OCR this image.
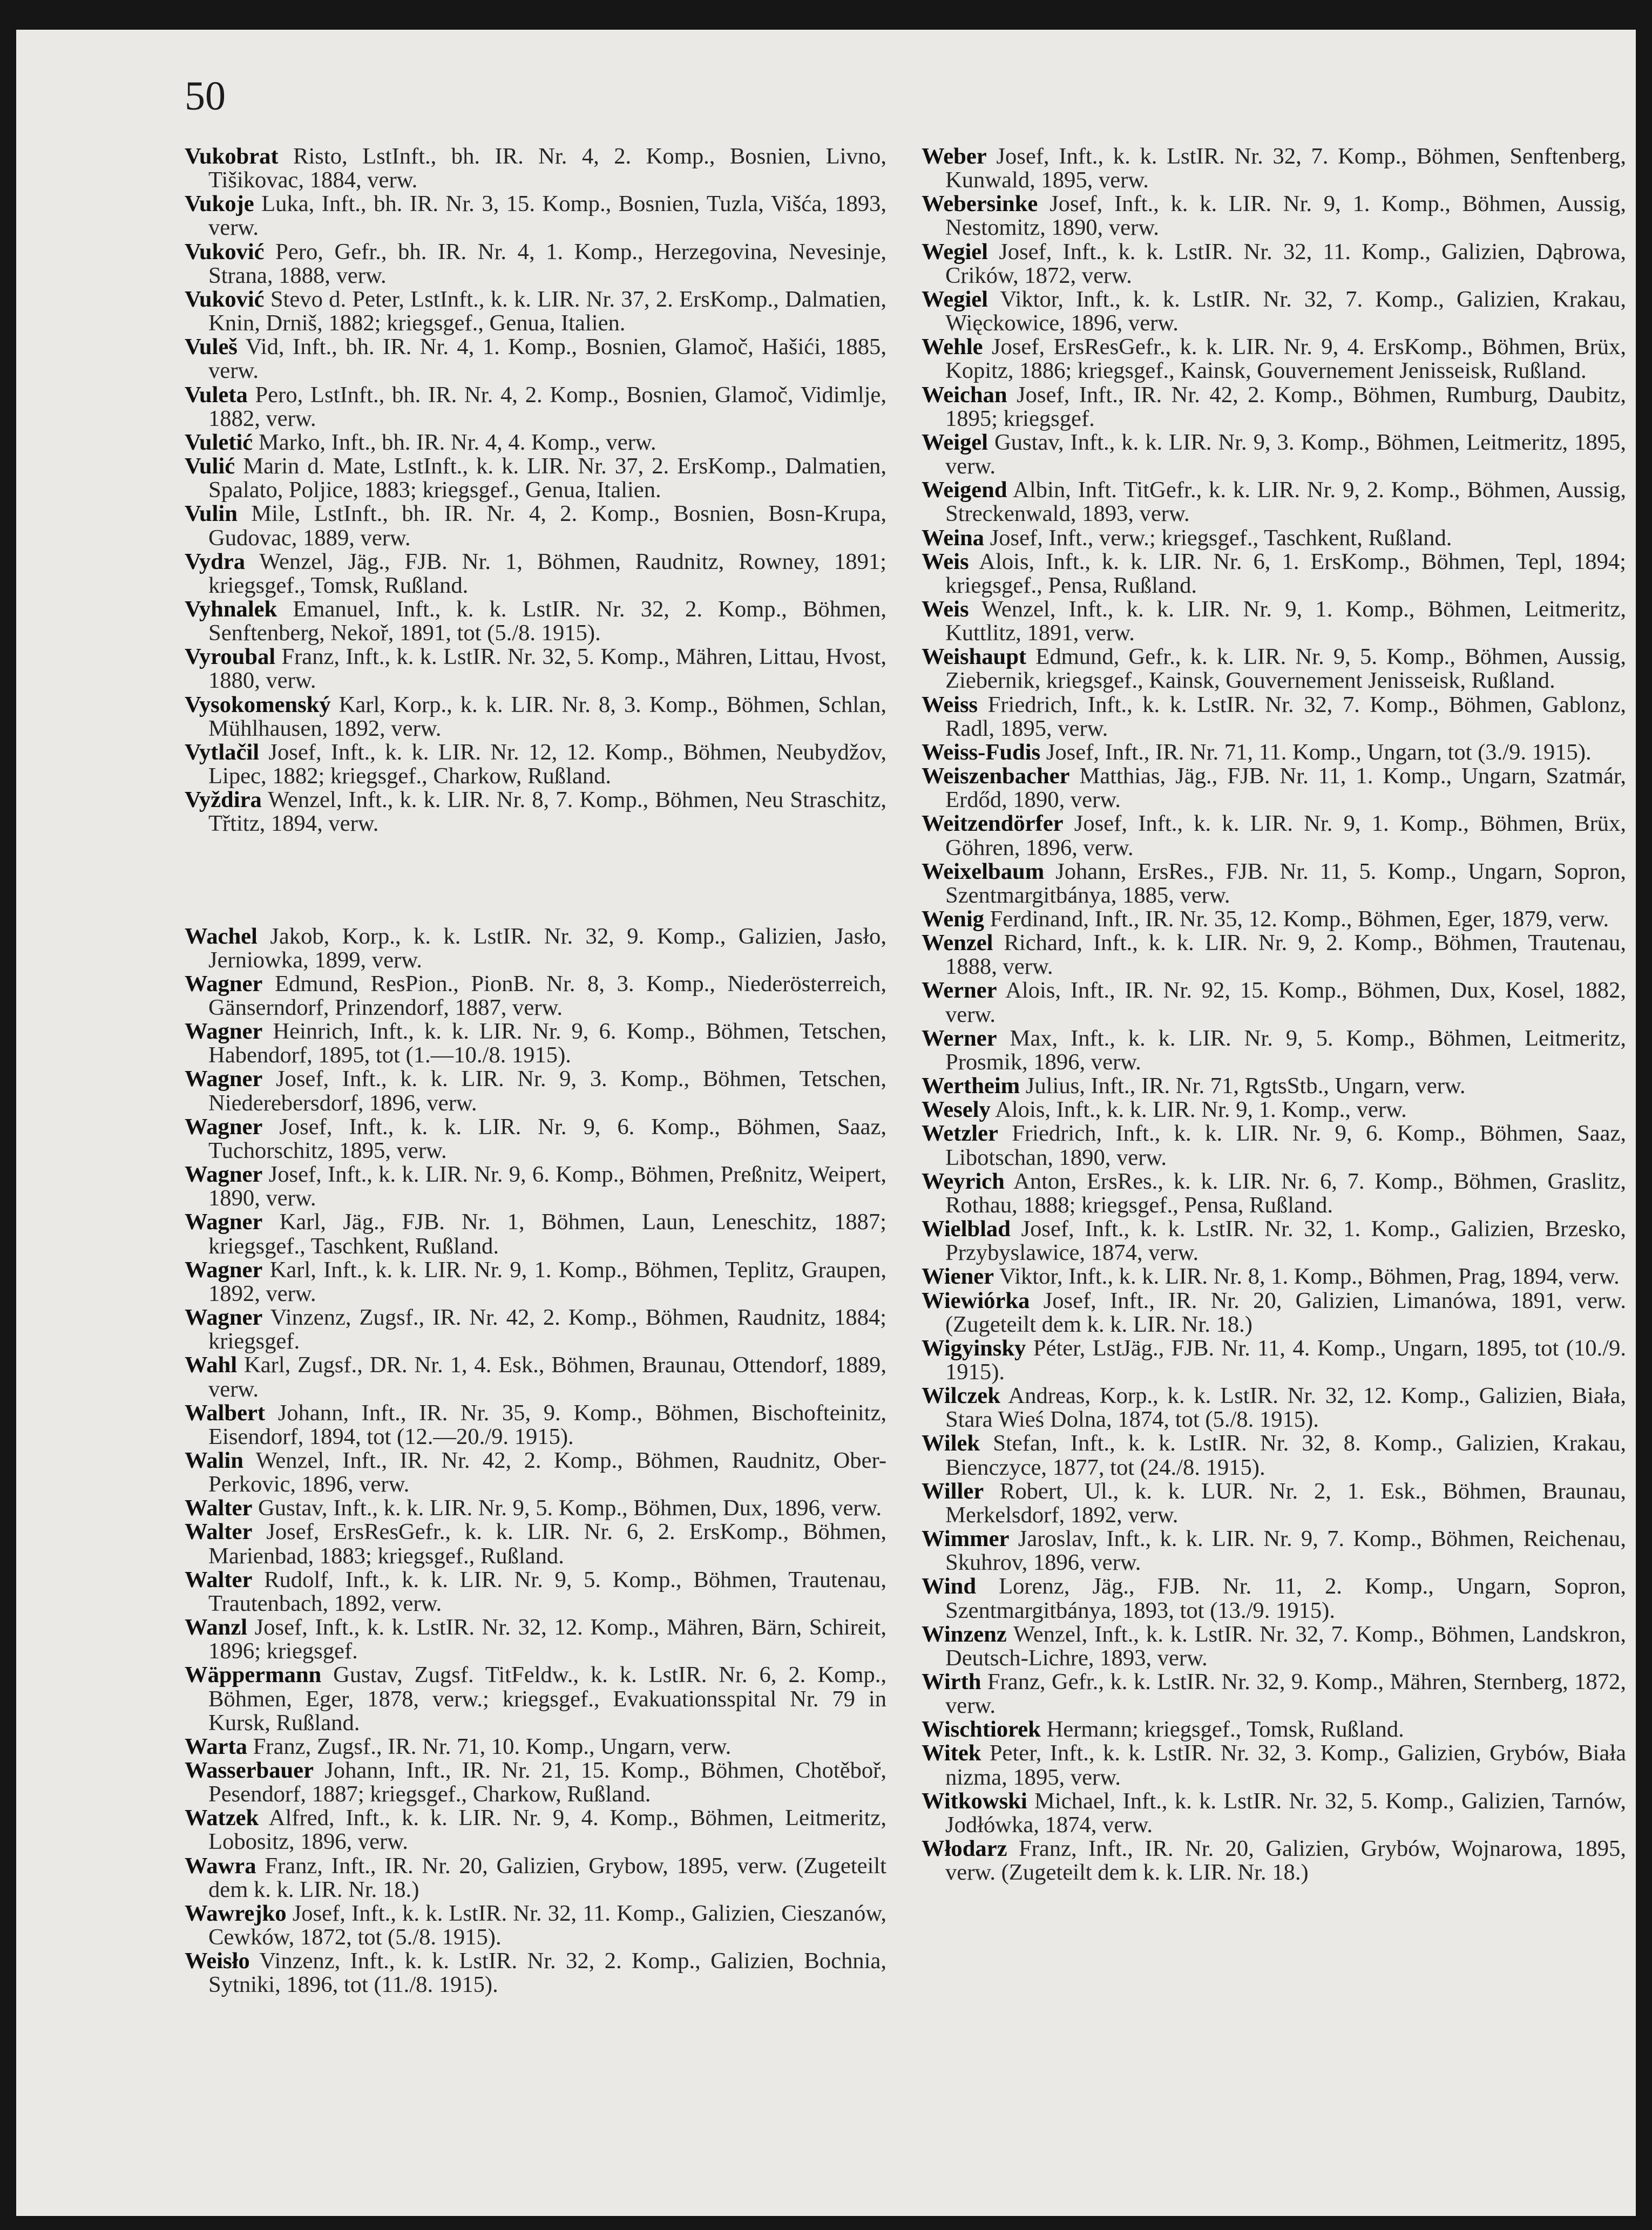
50

Vukobrat Risto, LstInft., bh. IR. Nr. 4, 2. Komp., Bosnien, Livno, Tišikovac, 1884, verw.

Vukoje Luka, Inft., bh. IR. Nr. 3, 15. Komp., Bosnien, Tuzla, Višća, 1893, verw.

Vuković Pero, Gefr., bh. IR. Nr. 4, 1. Komp., Herzegovina, Nevesinje, Strana, 1888, verw.

Vuković Stevo d. Peter, LstInft., k. k. LIR. Nr. 37, 2. ErsKomp., Dalmatien, Knin, Drniš, 1882; kriegsgef., Genua, Italien.

Vuleš Vid, Inft., bh. IR. Nr. 4, 1. Komp., Bosnien, Glamoč, Hašići, 1885, verw.

Vuleta Pero, LstInft., bh. IR. Nr. 4, 2. Komp., Bosnien, Glamoč, Vidimlje, 1882, verw.

Vuletić Marko, Inft., bh. IR. Nr. 4, 4. Komp., verw.

Vulić Marin d. Mate, LstInft., k. k. LIR. Nr. 37, 2. ErsKomp., Dalmatien, Spalato, Poljice, 1883; kriegsgef., Genua, Italien.

Vulin Mile, LstInft., bh. IR. Nr. 4, 2. Komp., Bosnien, Bosn-Krupa, Gudovac, 1889, verw.

Vydra Wenzel, Jäg., FJB. Nr. 1, Böhmen, Raudnitz, Rowney, 1891; kriegsgef., Tomsk, Rußland.

Vyhnalek Emanuel, Inft., k. k. LstIR. Nr. 32, 2. Komp., Böhmen, Senftenberg, Nekoř, 1891, tot (5./8. 1915).

Vyroubal Franz, Inft., k. k. LstIR. Nr. 32, 5. Komp., Mähren, Littau, Hvost, 1880, verw.

Vysokomenský Karl, Korp., k. k. LIR. Nr. 8, 3. Komp., Böhmen, Schlan, Mühlhausen, 1892, verw.

Vytlačil Josef, Inft., k. k. LIR. Nr. 12, 12. Komp., Böhmen, Neubydžov, Lipec, 1882; kriegsgef., Charkow, Rußland.

Vyždira Wenzel, Inft., k. k. LIR. Nr. 8, 7. Komp., Böhmen, Neu Straschitz, Třtitz, 1894, verw.

Wachel Jakob, Korp., k. k. LstIR. Nr. 32, 9. Komp., Galizien, Jasło, Jerniowka, 1899, verw.

Wagner Edmund, ResPion., PionB. Nr. 8, 3. Komp., Niederösterreich, Gänserndorf, Prinzendorf, 1887, verw.

Wagner Heinrich, Inft., k. k. LIR. Nr. 9, 6. Komp., Böhmen, Tetschen, Habendorf, 1895, tot (1.—10./8. 1915).

Wagner Josef, Inft., k. k. LIR. Nr. 9, 3. Komp., Böhmen, Tetschen, Niederebersdorf, 1896, verw.

Wagner Josef, Inft., k. k. LIR. Nr. 9, 6. Komp., Böhmen, Saaz, Tuchorschitz, 1895, verw.

Wagner Josef, Inft., k. k. LIR. Nr. 9, 6. Komp., Böhmen, Preßnitz, Weipert, 1890, verw.

Wagner Karl, Jäg., FJB. Nr. 1, Böhmen, Laun, Leneschitz, 1887; kriegsgef., Taschkent, Rußland.

Wagner Karl, Inft., k. k. LIR. Nr. 9, 1. Komp., Böhmen, Teplitz, Graupen, 1892, verw.

Wagner Vinzenz, Zugsf., IR. Nr. 42, 2. Komp., Böhmen, Raudnitz, 1884; kriegsgef.

Wahl Karl, Zugsf., DR. Nr. 1, 4. Esk., Böhmen, Braunau, Ottendorf, 1889, verw.

Walbert Johann, Inft., IR. Nr. 35, 9. Komp., Böhmen, Bischofteinitz, Eisendorf, 1894, tot (12.—20./9. 1915).

Walin Wenzel, Inft., IR. Nr. 42, 2. Komp., Böhmen, Raudnitz, Ober-Perkovic, 1896, verw.

Walter Gustav, Inft., k. k. LIR. Nr. 9, 5. Komp., Böhmen, Dux, 1896, verw.

Walter Josef, ErsResGefr., k. k. LIR. Nr. 6, 2. ErsKomp., Böhmen, Marienbad, 1883; kriegsgef., Rußland.

Walter Rudolf, Inft., k. k. LIR. Nr. 9, 5. Komp., Böhmen, Trautenau, Trautenbach, 1892, verw.

Wanzl Josef, Inft., k. k. LstIR. Nr. 32, 12. Komp., Mähren, Bärn, Schireit, 1896; kriegsgef.

Wäppermann Gustav, Zugsf. TitFeldw., k. k. LstIR. Nr. 6, 2. Komp., Böhmen, Eger, 1878, verw.; kriegsgef., Evakuationsspital Nr. 79 in Kursk, Rußland.

Warta Franz, Zugsf., IR. Nr. 71, 10. Komp., Ungarn, verw.

Wasserbauer Johann, Inft., IR. Nr. 21, 15. Komp., Böhmen, Chotěboř, Pesendorf, 1887; kriegsgef., Charkow, Rußland.

Watzek Alfred, Inft., k. k. LIR. Nr. 9, 4. Komp., Böhmen, Leitmeritz, Lobositz, 1896, verw.

Wawra Franz, Inft., IR. Nr. 20, Galizien, Grybow, 1895, verw. (Zugeteilt dem k. k. LIR. Nr. 18.)

Wawrejko Josef, Inft., k. k. LstIR. Nr. 32, 11. Komp., Galizien, Cieszanów, Cewków, 1872, tot (5./8. 1915).

Weisło Vinzenz, Inft., k. k. LstIR. Nr. 32, 2. Komp., Galizien, Bochnia, Sytniki, 1896, tot (11./8. 1915).

Weber Josef, Inft., k. k. LstIR. Nr. 32, 7. Komp., Böhmen, Senftenberg, Kunwald, 1895, verw.

Webersinke Josef, Inft., k. k. LIR. Nr. 9, 1. Komp., Böhmen, Aussig, Nestomitz, 1890, verw.

Wegiel Josef, Inft., k. k. LstIR. Nr. 32, 11. Komp., Galizien, Dąbrowa, Crików, 1872, verw.

Wegiel Viktor, Inft., k. k. LstIR. Nr. 32, 7. Komp., Galizien, Krakau, Więckowice, 1896, verw.

Wehle Josef, ErsResGefr., k. k. LIR. Nr. 9, 4. ErsKomp., Böhmen, Brüx, Kopitz, 1886; kriegsgef., Kainsk, Gouvernement Jenisseisk, Rußland.

Weichan Josef, Inft., IR. Nr. 42, 2. Komp., Böhmen, Rumburg, Daubitz, 1895; kriegsgef.

Weigel Gustav, Inft., k. k. LIR. Nr. 9, 3. Komp., Böhmen, Leitmeritz, 1895, verw.

Weigend Albin, Inft. TitGefr., k. k. LIR. Nr. 9, 2. Komp., Böhmen, Aussig, Streckenwald, 1893, verw.

Weina Josef, Inft., verw.; kriegsgef., Taschkent, Rußland.

Weis Alois, Inft., k. k. LIR. Nr. 6, 1. ErsKomp., Böhmen, Tepl, 1894; kriegsgef., Pensa, Rußland.

Weis Wenzel, Inft., k. k. LIR. Nr. 9, 1. Komp., Böhmen, Leitmeritz, Kuttlitz, 1891, verw.

Weishaupt Edmund, Gefr., k. k. LIR. Nr. 9, 5. Komp., Böhmen, Aussig, Ziebernik, kriegsgef., Kainsk, Gouvernement Jenisseisk, Rußland.

Weiss Friedrich, Inft., k. k. LstIR. Nr. 32, 7. Komp., Böhmen, Gablonz, Radl, 1895, verw.

Weiss-Fudis Josef, Inft., IR. Nr. 71, 11. Komp., Ungarn, tot (3./9. 1915).

Weiszenbacher Matthias, Jäg., FJB. Nr. 11, 1. Komp., Ungarn, Szatmár, Erdőd, 1890, verw.

Weitzendörfer Josef, Inft., k. k. LIR. Nr. 9, 1. Komp., Böhmen, Brüx, Göhren, 1896, verw.

Weixelbaum Johann, ErsRes., FJB. Nr. 11, 5. Komp., Ungarn, Sopron, Szentmargitbánya, 1885, verw.

Wenig Ferdinand, Inft., IR. Nr. 35, 12. Komp., Böhmen, Eger, 1879, verw.

Wenzel Richard, Inft., k. k. LIR. Nr. 9, 2. Komp., Böhmen, Trautenau, 1888, verw.

Werner Alois, Inft., IR. Nr. 92, 15. Komp., Böhmen, Dux, Kosel, 1882, verw.

Werner Max, Inft., k. k. LIR. Nr. 9, 5. Komp., Böhmen, Leitmeritz, Prosmik, 1896, verw.

Wertheim Julius, Inft., IR. Nr. 71, RgtsStb., Ungarn, verw.

Wesely Alois, Inft., k. k. LIR. Nr. 9, 1. Komp., verw.

Wetzler Friedrich, Inft., k. k. LIR. Nr. 9, 6. Komp., Böhmen, Saaz, Libotschan, 1890, verw.

Weyrich Anton, ErsRes., k. k. LIR. Nr. 6, 7. Komp., Böhmen, Graslitz, Rothau, 1888; kriegsgef., Pensa, Rußland.

Wielblad Josef, Inft., k. k. LstIR. Nr. 32, 1. Komp., Galizien, Brzesko, Przybyslawice, 1874, verw.

Wiener Viktor, Inft., k. k. LIR. Nr. 8, 1. Komp., Böhmen, Prag, 1894, verw.

Wiewiórka Josef, Inft., IR. Nr. 20, Galizien, Limanówa, 1891, verw. (Zugeteilt dem k. k. LIR. Nr. 18.)

Wigyinsky Péter, LstJäg., FJB. Nr. 11, 4. Komp., Ungarn, 1895, tot (10./9. 1915).

Wilczek Andreas, Korp., k. k. LstIR. Nr. 32, 12. Komp., Galizien, Biała, Stara Wieś Dolna, 1874, tot (5./8. 1915).

Wilek Stefan, Inft., k. k. LstIR. Nr. 32, 8. Komp., Galizien, Krakau, Bienczyce, 1877, tot (24./8. 1915).

Willer Robert, Ul., k. k. LUR. Nr. 2, 1. Esk., Böhmen, Braunau, Merkelsdorf, 1892, verw.

Wimmer Jaroslav, Inft., k. k. LIR. Nr. 9, 7. Komp., Böhmen, Reichenau, Skuhrov, 1896, verw.

Wind Lorenz, Jäg., FJB. Nr. 11, 2. Komp., Ungarn, Sopron, Szentmargitbánya, 1893, tot (13./9. 1915).

Winzenz Wenzel, Inft., k. k. LstIR. Nr. 32, 7. Komp., Böhmen, Landskron, Deutsch-Lichre, 1893, verw.

Wirth Franz, Gefr., k. k. LstIR. Nr. 32, 9. Komp., Mähren, Sternberg, 1872, verw.

Wischtiorek Hermann; kriegsgef., Tomsk, Rußland.

Witek Peter, Inft., k. k. LstIR. Nr. 32, 3. Komp., Galizien, Grybów, Biała nizma, 1895, verw.

Witkowski Michael, Inft., k. k. LstIR. Nr. 32, 5. Komp., Galizien, Tarnów, Jodłówka, 1874, verw.

Włodarz Franz, Inft., IR. Nr. 20, Galizien, Grybów, Wojnarowa, 1895, verw. (Zugeteilt dem k. k. LIR. Nr. 18.)
